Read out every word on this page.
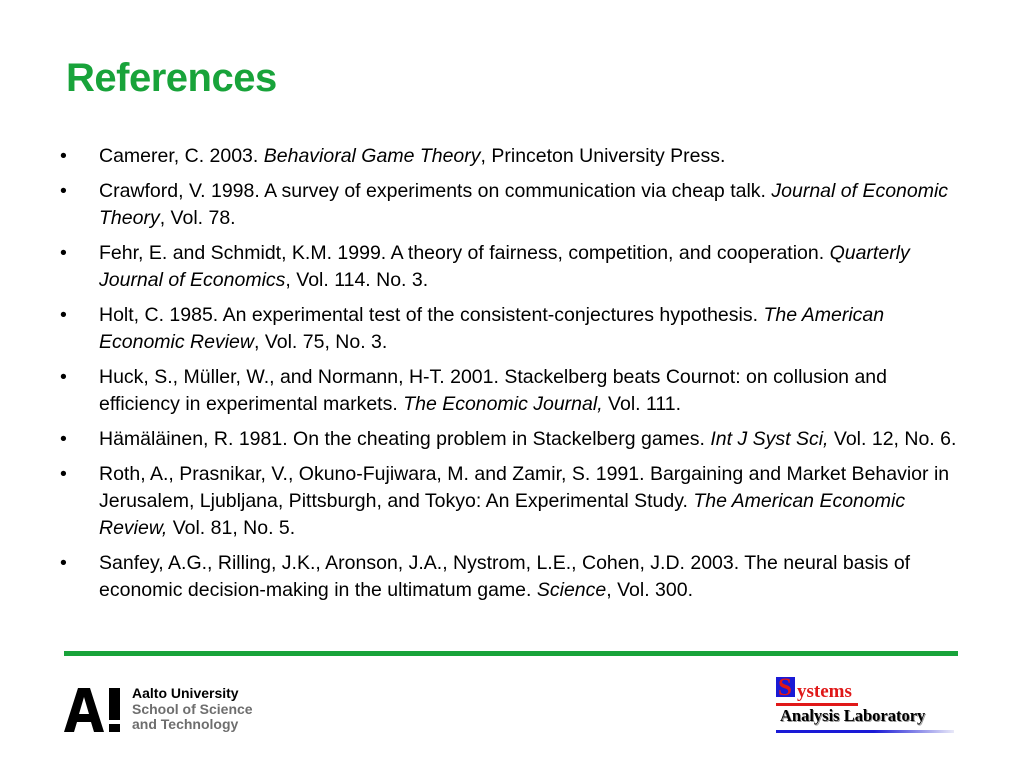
References
• Camerer, C. 2003. Behavioral Game Theory, Princeton University Press.
• Crawford, V. 1998. A survey of experiments on communication via cheap talk. Journal of Economic Theory, Vol. 78.
• Fehr, E. and Schmidt, K.M. 1999. A theory of fairness, competition, and cooperation. Quarterly Journal of Economics, Vol. 114. No. 3.
• Holt, C. 1985. An experimental test of the consistent-conjectures hypothesis. The American Economic Review, Vol. 75, No. 3.
• Huck, S., Müller, W., and Normann, H-T. 2001. Stackelberg beats Cournot: on collusion and efficiency in experimental markets. The Economic Journal, Vol. 111.
• Hämäläinen, R. 1981. On the cheating problem in Stackelberg games. Int J Syst Sci, Vol. 12, No. 6.
• Roth, A., Prasnikar, V., Okuno-Fujiwara, M. and Zamir, S. 1991. Bargaining and Market Behavior in Jerusalem, Ljubljana, Pittsburgh, and Tokyo: An Experimental Study. The American Economic Review, Vol. 81, No. 5.
• Sanfey, A.G., Rilling, J.K., Aronson, J.A., Nystrom, L.E., Cohen, J.D. 2003. The neural basis of economic decision-making in the ultimatum game. Science, Vol. 300.
Aalto University
School of Science
and Technology
S ystems
Analysis Laboratory
